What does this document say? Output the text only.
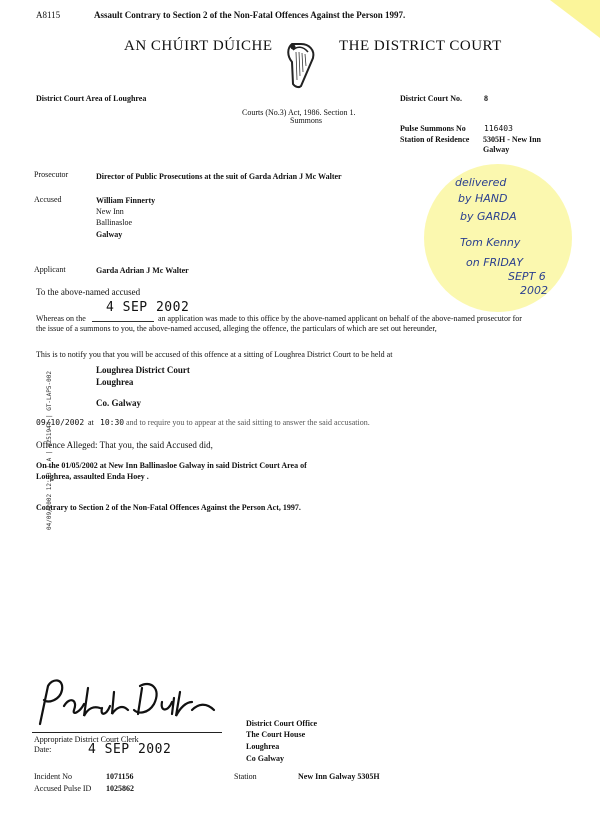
A8115	Assault Contrary to Section 2 of the Non-Fatal Offences Against the Person 1997.
AN CHÚIRT DÚICHE	THE DISTRICT COURT
District Court Area of Loughrea	District Court No.	8
Courts (No.3) Act, 1986. Section 1.
Summons
Pulse Summons No 116403
Station of Residence 5305H - New Inn
Galway
Prosecutor	Director of Public Prosecutions at the suit of Garda Adrian J Mc Walter
Accused	William Finnerty
New Inn
Ballinasloe
Galway
Applicant	Garda Adrian J Mc Walter
delivered
by HAND
by GARDA
Tom Kenny
on FRIDAY
SEPT 6
2002
To the above-named accused
4 SEP 2002
Whereas on the	an application was made to this office by the above-named applicant on behalf of the above-named prosecutor for
the issue of a summons to you, the above-named accused, alleging the offence, the particulars of which are set out hereunder,
This is to notify you that you will be accused of this offence at a sitting of Loughrea District Court to be held at
Loughrea District Court
Loughrea
Co. Galway
09/10/2002 at 10:30 and to require you to appear at the said sitting to answer the said accusation.
Offence Alleged: That you, the said Accused did,
On the 01/05/2002 at New Inn Ballinasloe Galway in said District Court Area of
Loughrea, assaulted Enda Hoey .
Contrary to Section 2 of the Non-Fatal Offences Against the Person Act, 1997.
04/09/2002 12:33 | A | 0251944 | GT-LAP5-002
Patrick Duke
Appropriate District Court Clerk
Date:	4 SEP 2002
District Court Office
The Court House
Loughrea
Co Galway
Incident No	1071156
Accused Pulse ID 1025862
Station	New Inn Galway 5305H
